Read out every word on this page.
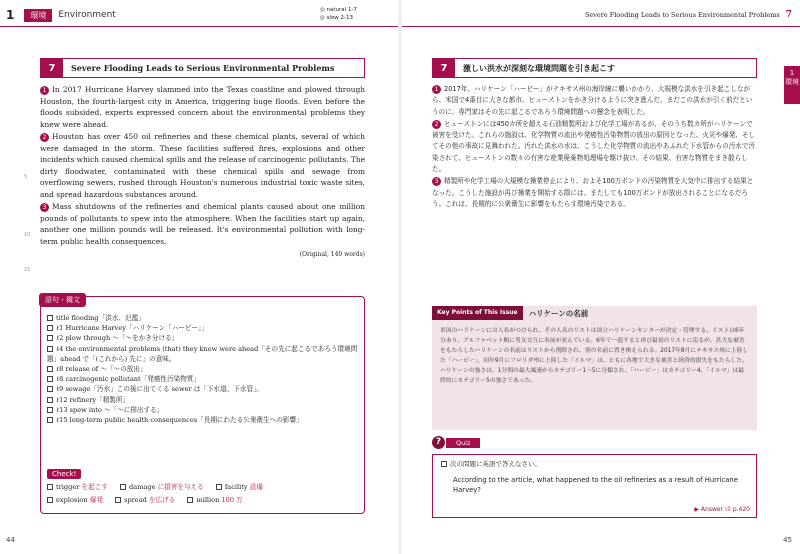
1	環境	Environment	◎ natural 1-7
◎ slow 2-13
7	Severe Flooding Leads to Serious Environmental Problems
5
10
15

1 In 2017 Hurricane Harvey slammed into the Texas coastline and plowed through Houston, the fourth-largest city in America, triggering huge floods. Even before the floods subsided, experts expressed concern about the environmental problems they knew were ahead.

2 Houston has over 450 oil refineries and these chemical plants, several of which were damaged in the storm. These facilities suffered fires, explosions and other incidents which caused chemical spills and the release of carcinogenic pollutants. The dirty floodwater, contaminated with these chemical spills and sewage from overflowing sewers, rushed through Houston's numerous industrial toxic waste sites, and spread hazardous substances around.

3 Mass shutdowns of the refineries and chemical plants caused about one million pounds of pollutants to spew into the atmosphere. When the facilities start up again, another one million pounds will be released. It's environmental pollution with long-term public health consequences.

(Original, 140 words)
語句・構文
title flooding「洪水、氾濫」
ℓ1 Hurricane Harvey「ハリケーン「ハービー」」
ℓ2 plow through ～「～をかき分ける」
ℓ4 the environmental problems (that) they knew were ahead「その先に起こるであろう環境問題」ahead で「(これから) 先に」の意味。
ℓ8 release of ～「～の放出」
ℓ8 carcinogenic pollutant「発癌性汚染物質」
ℓ9 sewage「汚水」この後に出てくる sewer は「下水道、下水管」。
ℓ12 refinery「精製所」
ℓ13 spew into ～「～に排出する」
ℓ15 long-term public health consequences「長期にわたる公衆衛生への影響」
Check!
trigger を起こす	damage に損害を与える	facility 設備
explosion 爆発	spread を広げる	million 100 万
44
Severe Flooding Leads to Serious Environmental Problems 7
1
環境
7	激しい洪水が深刻な環境問題を引き起こす

1 2017年、ハリケーン「ハービー」がテキサス州の海岸線に襲いかかり、大規模な洪水を引き起こしながら、米国で4番目に大きな都市、ヒューストンをかき分けるように突き進んだ。まだこの洪水が引く前だというのに、専門家はその先に起こるであろう環境問題への懸念を表明した。

2 ヒューストンには450カ所を超える石油精製所および化学工場があるが、そのうち数カ所がハリケーンで被害を受けた。これらの施設は、化学物質の流出や発癌性汚染物質の放出の原因となった、火災や爆発、そしてその他の事故に見舞われた。汚れた洪水の水は、こうした化学物質の流出やあふれた下水管からの汚水で汚染されて、ヒューストンの数々の有害な産業廃棄物処理場を駆け抜け、その結果、有害な物質をまき散らした。

3 精製所や化学工場の大規模な操業停止により、およそ100万ポンドの汚染物質を大気中に排出する結果となった。こうした施設が再び操業を開始する際には、またしても100万ポンドが放出されることになるだろう。これは、長期的に公衆衛生に影響をもたらす環境汚染である。

Key Points of This Issue	ハリケーンの名前
米国のハリケーンには人名がつけられ、その人名のリストは国立ハリケーンセンターが決定・管理する。リストは6年分あり、アルファベット順に男女交互に名前が並んでいる。6年で一巡すると再び最初のリストに戻るが、甚大な被害をもたらしたハリケーンの名前はリストから削除され、別の名前に置き換えられる。2017年8月にテキサス州に上陸した「ハービー」、同年9月にフロリダ州に上陸した「イルマ」は、ともに各地で大きな被害と経済的損失をもたらした。ハリケーンの強さは、1分間の最大風速からカテゴリー1～5に分類され、「ハービー」はカテゴリー4、「イルマ」は最終的にカテゴリー5の強さであった。
Quiz
?
次の問題に英語で答えなさい。
According to the article, what happened to the oil refineries as a result of Hurricane Harvey?
▶ Answer は p.420
45
